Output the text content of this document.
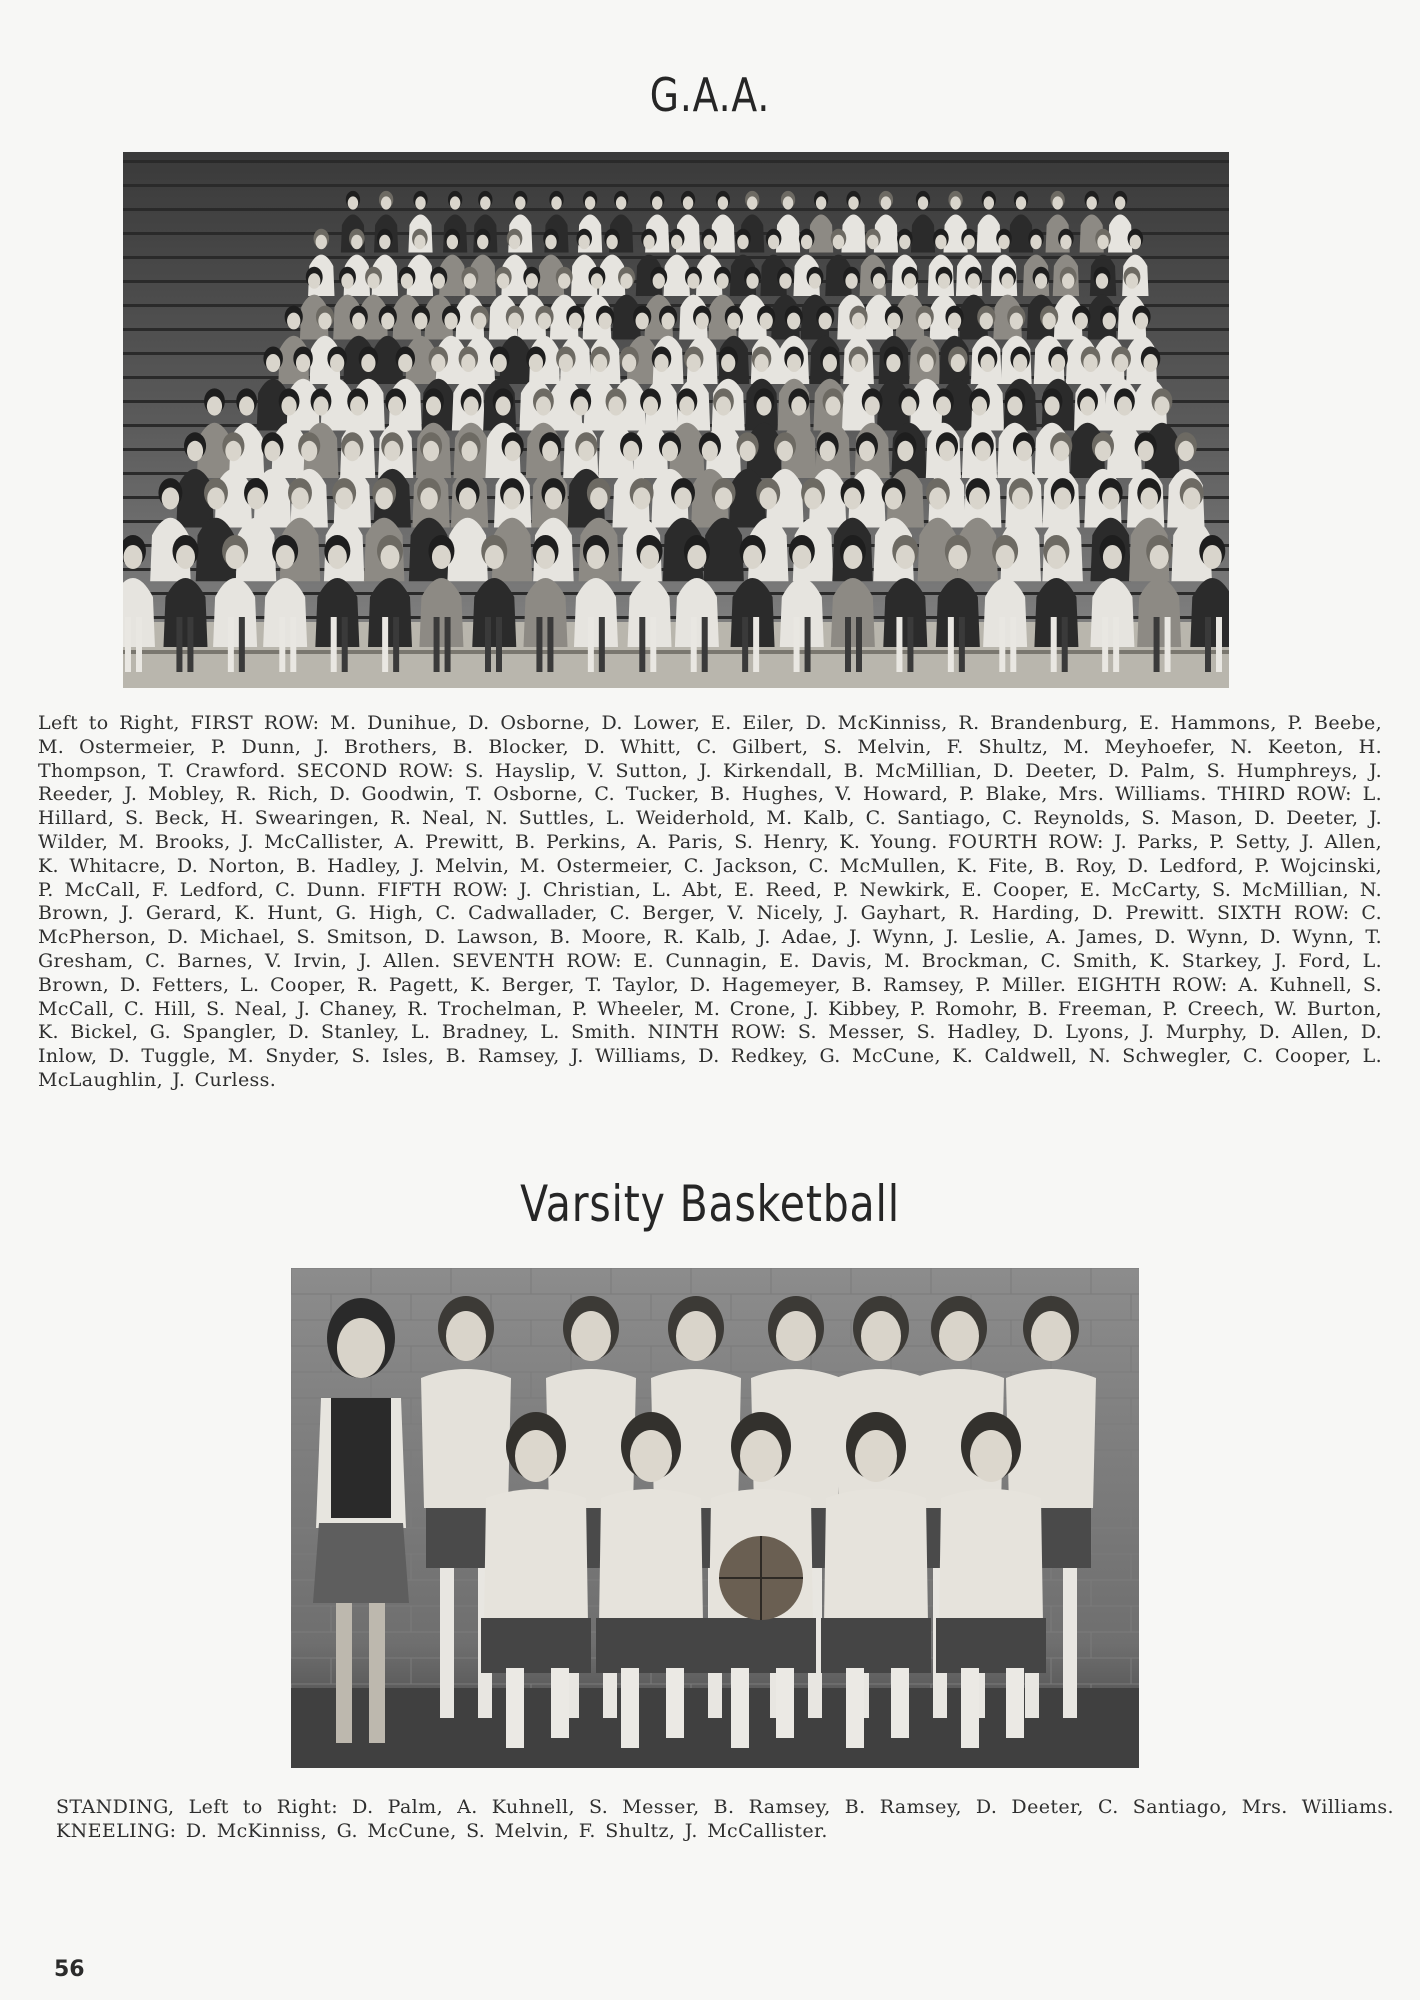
G.A.A.
Left to Right, FIRST ROW: M. Dunihue, D. Osborne, D. Lower, E. Eiler, D. McKinniss, R. Brandenburg, E. Hammons, P. Beebe, M. Ostermeier, P. Dunn, J. Brothers, B. Blocker, D. Whitt, C. Gilbert, S. Melvin, F. Shultz, M. Meyhoefer, N. Keeton, H. Thompson, T. Crawford. SECOND ROW: S. Hayslip, V. Sutton, J. Kirkendall, B. McMillian, D. Deeter, D. Palm, S. Humphreys, J. Reeder, J. Mobley, R. Rich, D. Goodwin, T. Osborne, C. Tucker, B. Hughes, V. Howard, P. Blake, Mrs. Williams. THIRD ROW: L. Hillard, S. Beck, H. Swearingen, R. Neal, N. Suttles, L. Weiderhold, M. Kalb, C. Santiago, C. Reynolds, S. Mason, D. Deeter, J. Wilder, M. Brooks, J. McCallister, A. Prewitt, B. Perkins, A. Paris, S. Henry, K. Young. FOURTH ROW: J. Parks, P. Setty, J. Allen, K. Whitacre, D. Norton, B. Hadley, J. Melvin, M. Ostermeier, C. Jackson, C. McMullen, K. Fite, B. Roy, D. Ledford, P. Wojcinski, P. McCall, F. Ledford, C. Dunn. FIFTH ROW: J. Christian, L. Abt, E. Reed, P. Newkirk, E. Cooper, E. McCarty, S. McMillian, N. Brown, J. Gerard, K. Hunt, G. High, C. Cadwallader, C. Berger, V. Nicely, J. Gayhart, R. Harding, D. Prewitt. SIXTH ROW: C. McPherson, D. Michael, S. Smitson, D. Lawson, B. Moore, R. Kalb, J. Adae, J. Wynn, J. Leslie, A. James, D. Wynn, D. Wynn, T. Gresham, C. Barnes, V. Irvin, J. Allen. SEVENTH ROW: E. Cunnagin, E. Davis, M. Brockman, C. Smith, K. Starkey, J. Ford, L. Brown, D. Fetters, L. Cooper, R. Pagett, K. Berger, T. Taylor, D. Hagemeyer, B. Ramsey, P. Miller. EIGHTH ROW: A. Kuhnell, S. McCall, C. Hill, S. Neal, J. Chaney, R. Trochelman, P. Wheeler, M. Crone, J. Kibbey, P. Romohr, B. Freeman, P. Creech, W. Burton, K. Bickel, G. Spangler, D. Stanley, L. Bradney, L. Smith. NINTH ROW: S. Messer, S. Hadley, D. Lyons, J. Murphy, D. Allen, D. Inlow, D. Tuggle, M. Snyder, S. Isles, B. Ramsey, J. Williams, D. Redkey, G. McCune, K. Caldwell, N. Schwegler, C. Cooper, L. McLaughlin, J. Curless.
Varsity Basketball
STANDING, Left to Right: D. Palm, A. Kuhnell, S. Messer, B. Ramsey, B. Ramsey, D. Deeter, C. Santiago, Mrs. Williams. KNEELING: D. McKinniss, G. McCune, S. Melvin, F. Shultz, J. McCallister.
56
